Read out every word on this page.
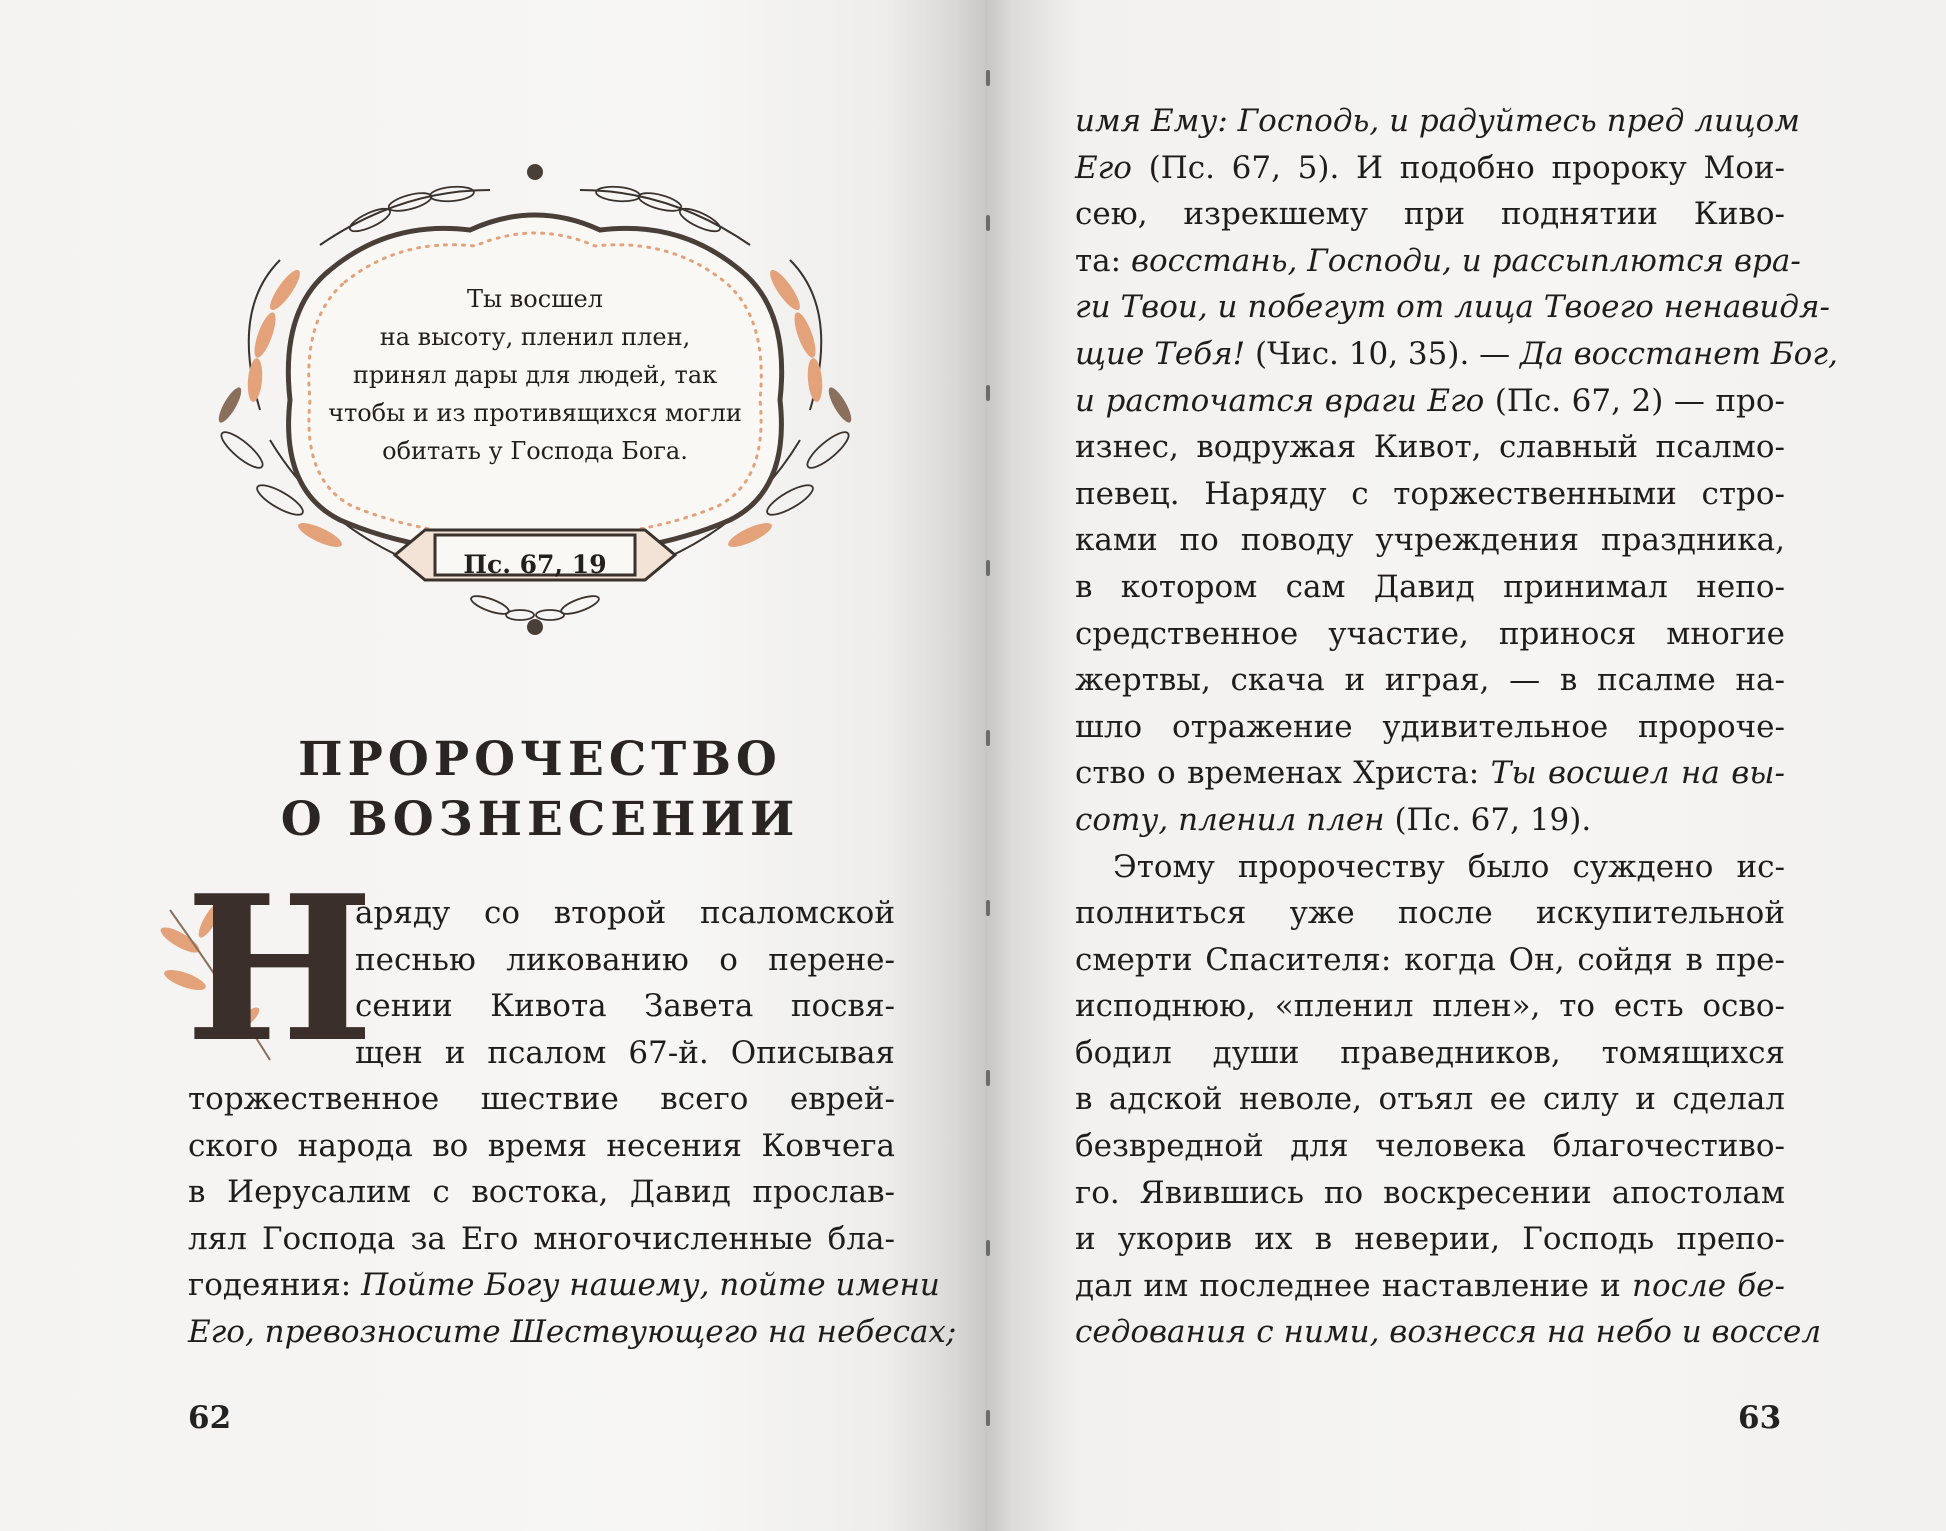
Ты восшел
на высоту, пленил плен,
принял дары для людей, так
чтобы и из противящихся могли
обитать у Господа Бога.
Пс. 67, 19
ПРОРОЧЕСТВО
О ВОЗНЕСЕНИИ
Н
аряду со второй псаломской
песнью ликованию о перене-
сении Кивота Завета посвя-
щен и псалом 67-й. Описывая
торжественное шествие всего еврей-
ского народа во время несения Ковчега
в Иерусалим с востока, Давид прослав-
лял Господа за Его многочисленные бла-
годеяния: Пойте Богу нашему, пойте имени
Его, превозносите Шествующего на небесах;
62
имя Ему: Господь, и радуйтесь пред лицом
Его (Пс. 67, 5). И подобно пророку Мои-
сею, изрекшему при поднятии Киво-
та: восстань, Господи, и рассыплются вра-
ги Твои, и побегут от лица Твоего ненавидя-
щие Тебя! (Чис. 10, 35). — Да восстанет Бог,
и расточатся враги Его (Пс. 67, 2) — про-
изнес, водружая Кивот, славный псалмо-
певец. Наряду с торжественными стро-
ками по поводу учреждения праздника,
в котором сам Давид принимал непо-
средственное участие, принося многие
жертвы, скача и играя, — в псалме на-
шло отражение удивительное пророче-
ство о временах Христа: Ты восшел на вы-
соту, пленил плен (Пс. 67, 19).
Этому пророчеству было суждено ис-
полниться уже после искупительной
смерти Спасителя: когда Он, сойдя в пре-
исподнюю, «пленил плен», то есть осво-
бодил души праведников, томящихся
в адской неволе, отъял ее силу и сделал
безвредной для человека благочестиво-
го. Явившись по воскресении апостолам
и укорив их в неверии, Господь препо-
дал им последнее наставление и после бе-
седования с ними, вознесся на небо и воссел
63
